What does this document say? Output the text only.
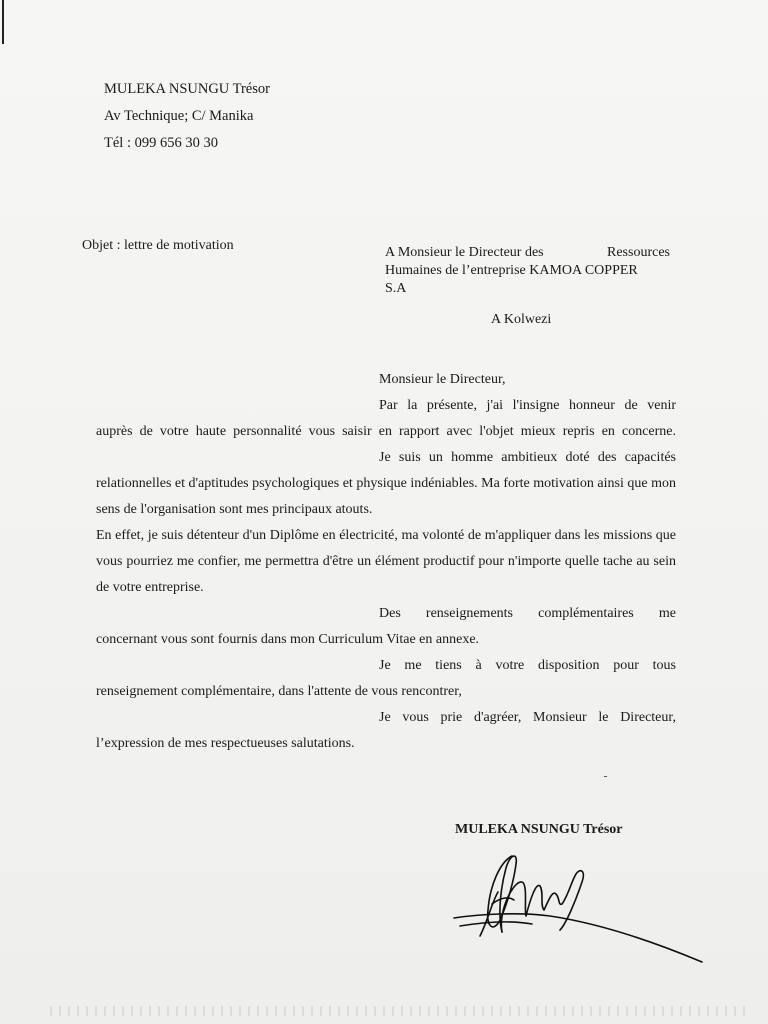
MULEKA NSUNGU Trésor
Av Technique; C/ Manika
Tél : 099 656 30 30
Objet : lettre de motivation	A Monsieur le Directeur des	Ressources
Humaines de l’entreprise KAMOA COPPER
S.A
A Kolwezi
Monsieur le Directeur,
Par la présente, j'ai l'insigne honneur de venir
auprès de votre haute personnalité vous saisir en rapport avec l'objet mieux repris en concerne.
Je suis un homme ambitieux doté des capacités
relationnelles et d'aptitudes psychologiques et physique indéniables. Ma forte motivation ainsi que mon sens de l'organisation sont mes principaux atouts.
En effet, je suis détenteur d'un Diplôme en électricité, ma volonté de m'appliquer dans les missions que vous pourriez me confier, me permettra d'être un élément productif pour n'importe quelle tache au sein de votre entreprise.
Des renseignements complémentaires me
concernant vous sont fournis dans mon Curriculum Vitae en annexe.
Je me tiens à votre disposition pour tous
renseignement complémentaire, dans l'attente de vous rencontrer,
Je vous prie d'agréer, Monsieur le Directeur,
l’expression de mes respectueuses salutations.
MULEKA NSUNGU Trésor
